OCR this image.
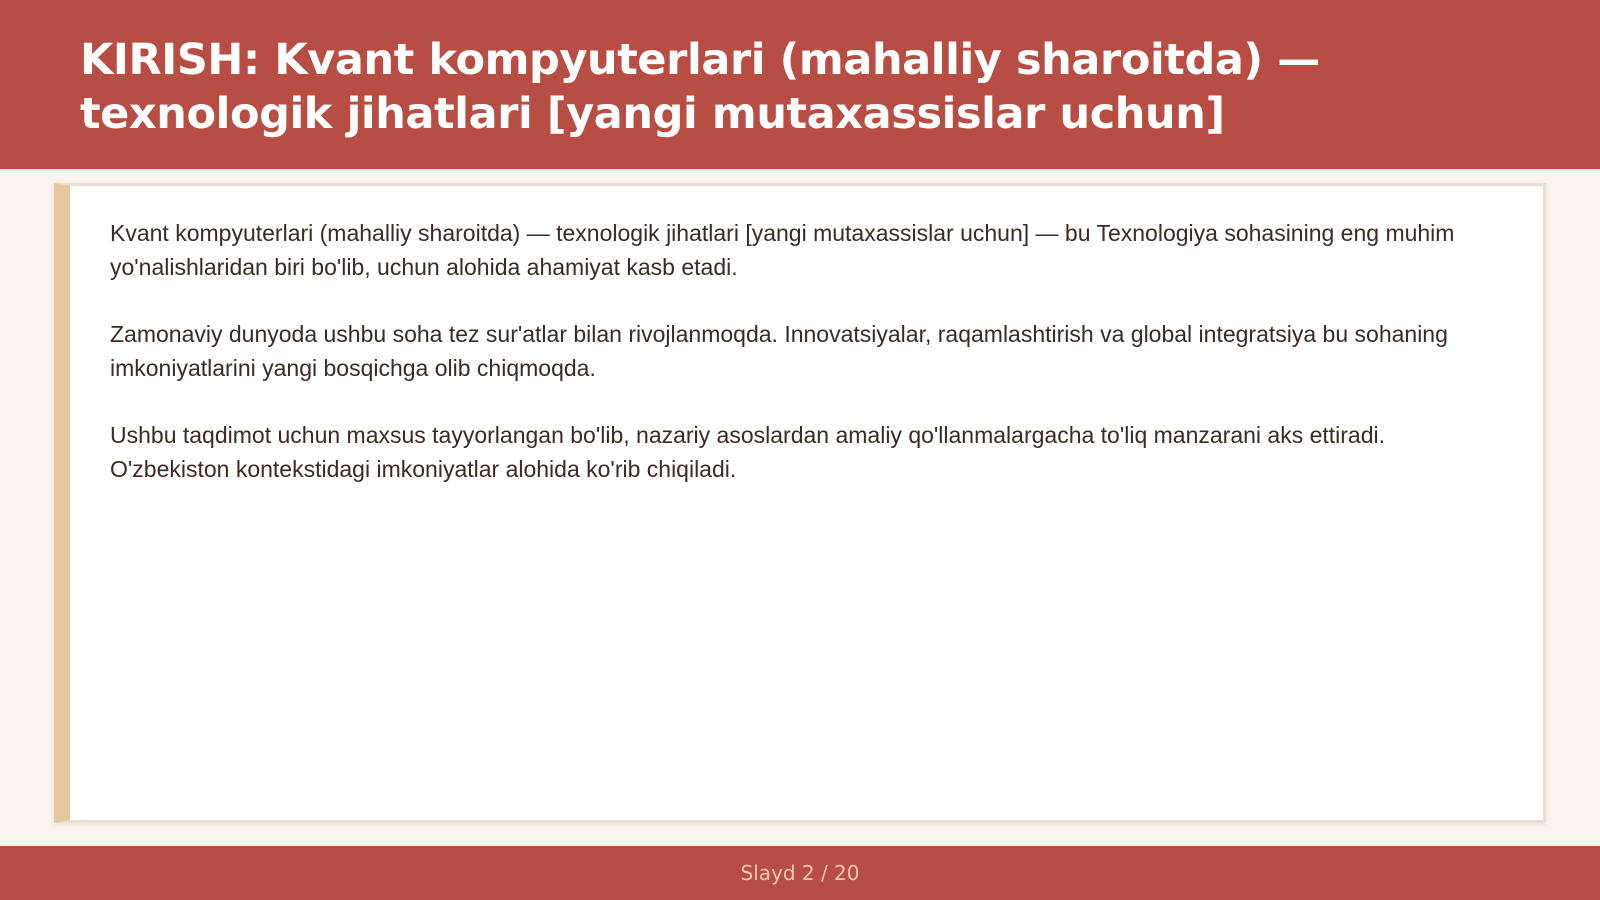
KIRISH: Kvant kompyuterlari (mahalliy sharoitda) — texnologik jihatlari [yangi mutaxassislar uchun]

Kvant kompyuterlari (mahalliy sharoitda) — texnologik jihatlari [yangi mutaxassislar uchun] — bu Texnologiya sohasining eng muhim yo'nalishlaridan biri bo'lib, uchun alohida ahamiyat kasb etadi.

Zamonaviy dunyoda ushbu soha tez sur'atlar bilan rivojlanmoqda. Innovatsiyalar, raqamlashtirish va global integratsiya bu sohaning imkoniyatlarini yangi bosqichga olib chiqmoqda.

Ushbu taqdimot uchun maxsus tayyorlangan bo'lib, nazariy asoslardan amaliy qo'llanmalargacha to'liq manzarani aks ettiradi. O'zbekiston kontekstidagi imkoniyatlar alohida ko'rib chiqiladi.

Slayd 2 / 20
